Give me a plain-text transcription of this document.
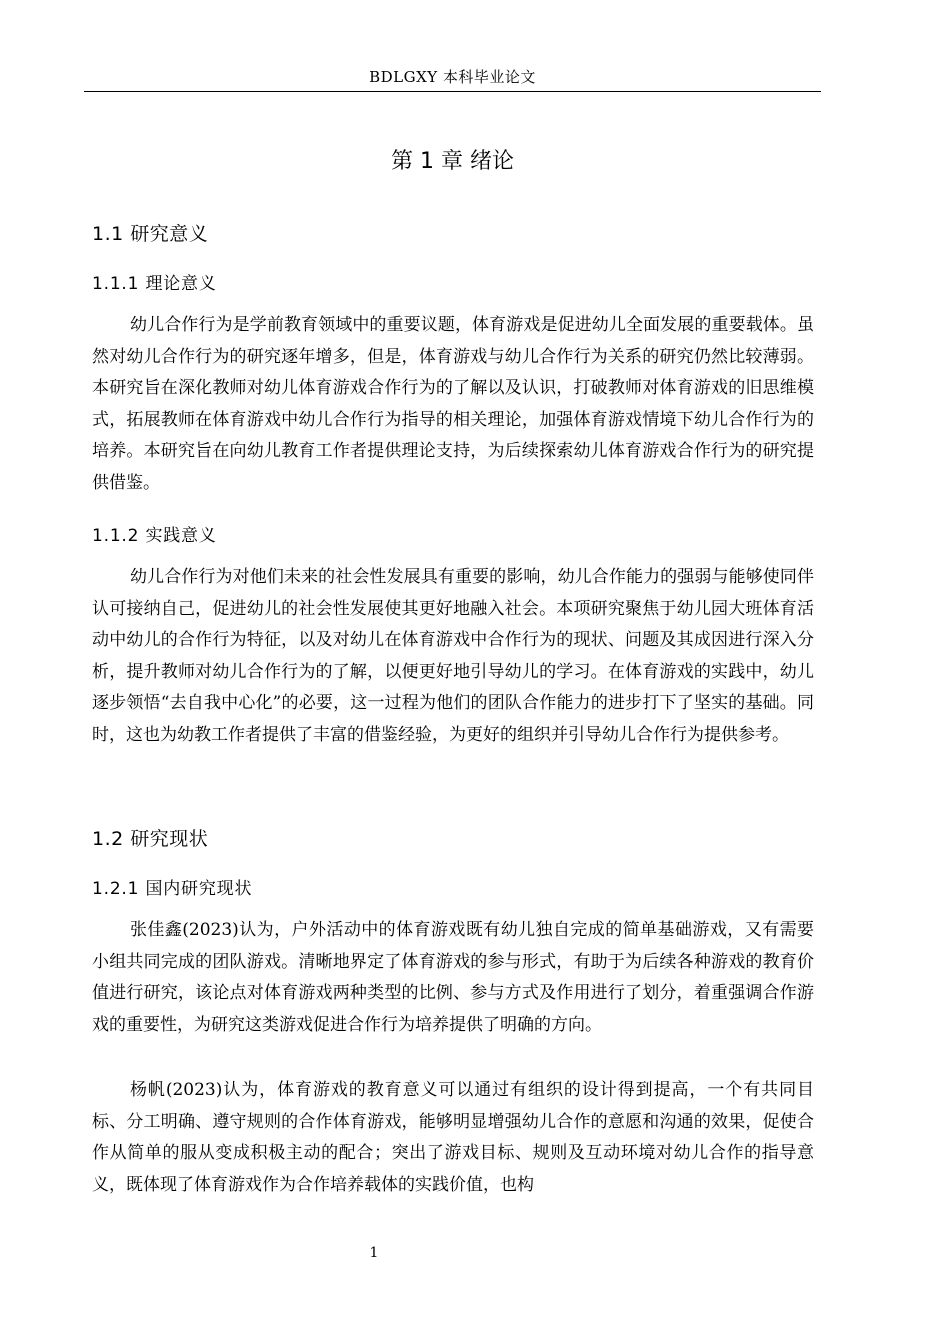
BDLGXY 本科毕业论文
第 1 章 绪论
1.1 研究意义
1.1.1 理论意义

幼儿合作行为是学前教育领域中的重要议题，体育游戏是促进幼儿全面发展的重要载体。虽然对幼儿合作行为的研究逐年增多，但是，体育游戏与幼儿合作行为关系的研究仍然比较薄弱。本研究旨在深化教师对幼儿体育游戏合作行为的了解以及认识，打破教师对体育游戏的旧思维模式，拓展教师在体育游戏中幼儿合作行为指导的相关理论，加强体育游戏情境下幼儿合作行为的培养。本研究旨在向幼儿教育工作者提供理论支持，为后续探索幼儿体育游戏合作行为的研究提供借鉴。

1.1.2 实践意义

幼儿合作行为对他们未来的社会性发展具有重要的影响，幼儿合作能力的强弱与能够使同伴认可接纳自己，促进幼儿的社会性发展使其更好地融入社会。本项研究聚焦于幼儿园大班体育活动中幼儿的合作行为特征，以及对幼儿在体育游戏中合作行为的现状、问题及其成因进行深入分析，提升教师对幼儿合作行为的了解，以便更好地引导幼儿的学习。在体育游戏的实践中，幼儿逐步领悟“去自我中心化”的必要，这一过程为他们的团队合作能力的进步打下了坚实的基础。同时，这也为幼教工作者提供了丰富的借鉴经验，为更好的组织并引导幼儿合作行为提供参考。

1.2 研究现状
1.2.1 国内研究现状

张佳鑫(2023)认为，户外活动中的体育游戏既有幼儿独自完成的简单基础游戏，又有需要小组共同完成的团队游戏。清晰地界定了体育游戏的参与形式，有助于为后续各种游戏的教育价值进行研究，该论点对体育游戏两种类型的比例、参与方式及作用进行了划分，着重强调合作游戏的重要性，为研究这类游戏促进合作行为培养提供了明确的方向。

杨帆(2023)认为，体育游戏的教育意义可以通过有组织的设计得到提高，一个有共同目标、分工明确、遵守规则的合作体育游戏，能够明显增强幼儿合作的意愿和沟通的效果，促使合作从简单的服从变成积极主动的配合；突出了游戏目标、规则及互动环境对幼儿合作的指导意义，既体现了体育游戏作为合作培养载体的实践价值，也构

1
